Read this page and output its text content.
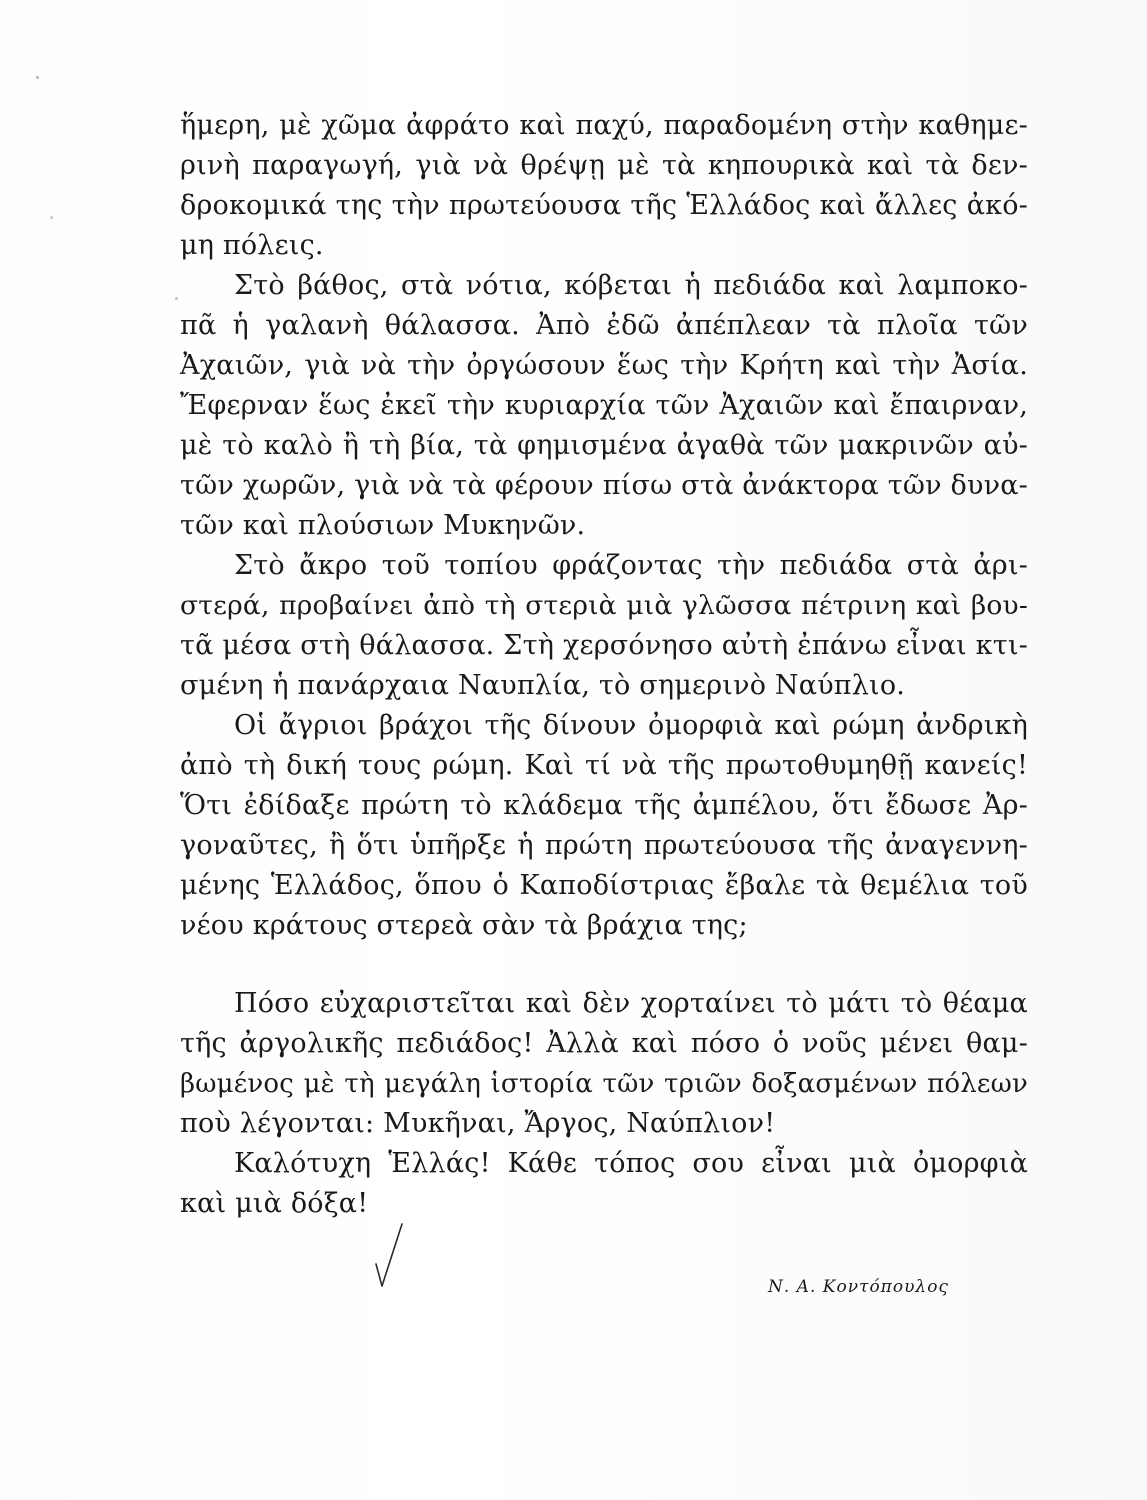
ἥμερη, μὲ χῶμα ἀφράτο καὶ παχύ, παραδομένη στὴν καθημε-
ρινὴ παραγωγή, γιὰ νὰ θρέψῃ μὲ τὰ κηπουρικὰ καὶ τὰ δεν-
δροκομικά της τὴν πρωτεύουσα τῆς Ἑλλάδος καὶ ἄλλες ἀκό-
μη πόλεις.
Στὸ βάθος, στὰ νότια, κόβεται ἡ πεδιάδα καὶ λαμποκο-
πᾶ ἡ γαλανὴ θάλασσα. Ἀπὸ ἐδῶ ἀπέπλεαν τὰ πλοῖα τῶν
Ἀχαιῶν, γιὰ νὰ τὴν ὀργώσουν ἕως τὴν Κρήτη καὶ τὴν Ἀσία.
Ἔφερναν ἕως ἐκεῖ τὴν κυριαρχία τῶν Ἀχαιῶν καὶ ἔπαιρναν,
μὲ τὸ καλὸ ἢ τὴ βία, τὰ φημισμένα ἀγαθὰ τῶν μακρινῶν αὐ-
τῶν χωρῶν, γιὰ νὰ τὰ φέρουν πίσω στὰ ἀνάκτορα τῶν δυνα-
τῶν καὶ πλούσιων Μυκηνῶν.
Στὸ ἄκρο τοῦ τοπίου φράζοντας τὴν πεδιάδα στὰ ἀρι-
στερά, προβαίνει ἀπὸ τὴ στεριὰ μιὰ γλῶσσα πέτρινη καὶ βου-
τᾶ μέσα στὴ θάλασσα. Στὴ χερσόνησο αὐτὴ ἐπάνω εἶναι κτι-
σμένη ἡ πανάρχαια Ναυπλία, τὸ σημερινὸ Ναύπλιο.
Οἱ ἄγριοι βράχοι τῆς δίνουν ὀμορφιὰ καὶ ρώμη ἀνδρικὴ
ἀπὸ τὴ δική τους ρώμη. Καὶ τί νὰ τῆς πρωτοθυμηθῇ κανείς!
Ὅτι ἐδίδαξε πρώτη τὸ κλάδεμα τῆς ἀμπέλου, ὅτι ἔδωσε Ἀρ-
γοναῦτες, ἢ ὅτι ὑπῆρξε ἡ πρώτη πρωτεύουσα τῆς ἀναγεννη-
μένης Ἑλλάδος, ὅπου ὁ Καποδίστριας ἔβαλε τὰ θεμέλια τοῦ
νέου κράτους στερεὰ σὰν τὰ βράχια της;
Πόσο εὐχαριστεῖται καὶ δὲν χορταίνει τὸ μάτι τὸ θέαμα
τῆς ἀργολικῆς πεδιάδος! Ἀλλὰ καὶ πόσο ὁ νοῦς μένει θαμ-
βωμένος μὲ τὴ μεγάλη ἱστορία τῶν τριῶν δοξασμένων πόλεων
ποὺ λέγονται: Μυκῆναι, Ἄργος, Ναύπλιον!
Καλότυχη Ἑλλάς! Κάθε τόπος σου εἶναι μιὰ ὀμορφιὰ
καὶ μιὰ δόξα!
Ν. Α. Κοντόπουλος
